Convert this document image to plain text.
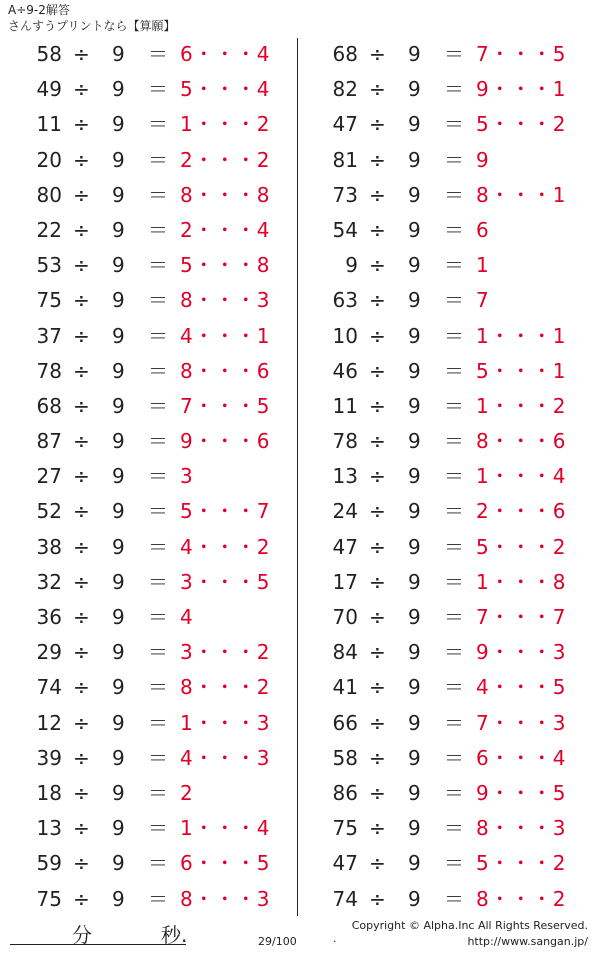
A÷9-2解答
さんすうプリントなら【算願】
58 ÷ 9 ＝ 6・・・4
49 ÷ 9 ＝ 5・・・4
11 ÷ 9 ＝ 1・・・2
20 ÷ 9 ＝ 2・・・2
80 ÷ 9 ＝ 8・・・8
22 ÷ 9 ＝ 2・・・4
53 ÷ 9 ＝ 5・・・8
75 ÷ 9 ＝ 8・・・3
37 ÷ 9 ＝ 4・・・1
78 ÷ 9 ＝ 8・・・6
68 ÷ 9 ＝ 7・・・5
87 ÷ 9 ＝ 9・・・6
27 ÷ 9 ＝ 3
52 ÷ 9 ＝ 5・・・7
38 ÷ 9 ＝ 4・・・2
32 ÷ 9 ＝ 3・・・5
36 ÷ 9 ＝ 4
29 ÷ 9 ＝ 3・・・2
74 ÷ 9 ＝ 8・・・2
12 ÷ 9 ＝ 1・・・3
39 ÷ 9 ＝ 4・・・3
18 ÷ 9 ＝ 2
13 ÷ 9 ＝ 1・・・4
59 ÷ 9 ＝ 6・・・5
75 ÷ 9 ＝ 8・・・3
68 ÷ 9 ＝ 7・・・5
82 ÷ 9 ＝ 9・・・1
47 ÷ 9 ＝ 5・・・2
81 ÷ 9 ＝ 9
73 ÷ 9 ＝ 8・・・1
54 ÷ 9 ＝ 6
9 ÷ 9 ＝ 1
63 ÷ 9 ＝ 7
10 ÷ 9 ＝ 1・・・1
46 ÷ 9 ＝ 5・・・1
11 ÷ 9 ＝ 1・・・2
78 ÷ 9 ＝ 8・・・6
13 ÷ 9 ＝ 1・・・4
24 ÷ 9 ＝ 2・・・6
47 ÷ 9 ＝ 5・・・2
17 ÷ 9 ＝ 1・・・8
70 ÷ 9 ＝ 7・・・7
84 ÷ 9 ＝ 9・・・3
41 ÷ 9 ＝ 4・・・5
66 ÷ 9 ＝ 7・・・3
58 ÷ 9 ＝ 6・・・4
86 ÷ 9 ＝ 9・・・5
75 ÷ 9 ＝ 8・・・3
47 ÷ 9 ＝ 5・・・2
74 ÷ 9 ＝ 8・・・2
分	秒.	29/100	.
Copyright © Alpha.Inc All Rights Reserved.
http://www.sangan.jp/
